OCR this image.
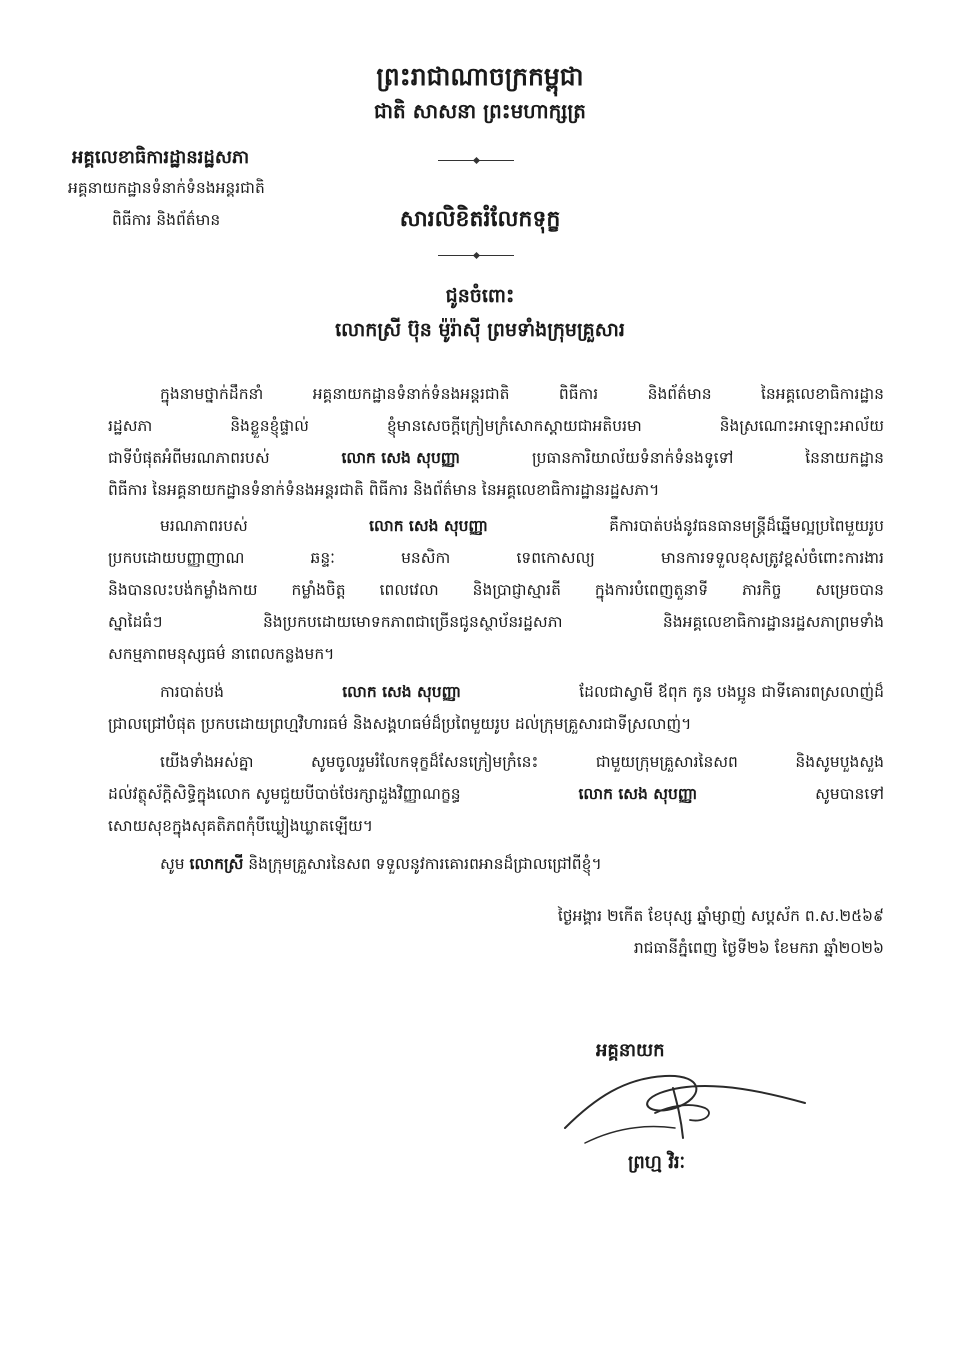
ព្រះរាជាណាចក្រកម្ពុជា
ជាតិ សាសនា ព្រះមហាក្សត្រ
អគ្គលេខាធិការដ្ឋានរដ្ឋសភា
អគ្គនាយកដ្ឋានទំនាក់ទំនងអន្តរជាតិ
ពិធីការ និងព័ត៌មាន	សារលិខិតរំលែកទុក្ខ
ជូនចំពោះ
លោកស្រី ប៊ុន ម៉ូរ៉ាស៊ី ព្រមទាំងក្រុមគ្រួសារ
ក្នុងនាមថ្នាក់ដឹកនាំ	អគ្គនាយកដ្ឋានទំនាក់ទំនងអន្តរជាតិ	ពិធីការ	និងព័ត៌មាន	នៃអគ្គលេខាធិការដ្ឋាន
រដ្ឋសភា	និងខ្លួនខ្ញុំផ្ទាល់	ខ្ញុំមានសេចក្តីក្រៀមក្រំសោកស្តាយជាអតិបរមា	និងស្រណោះអាឡោះអាល័យ
ជាទីបំផុតអំពីមរណភាពរបស់	លោក សេង សុបញ្ញា	ប្រធានការិយាល័យទំនាក់ទំនងទូទៅ	នៃនាយកដ្ឋាន
ពិធីការ នៃអគ្គនាយកដ្ឋានទំនាក់ទំនងអន្តរជាតិ ពិធីការ និងព័ត៌មាន នៃអគ្គលេខាធិការដ្ឋានរដ្ឋសភា។
មរណភាពរបស់	លោក សេង សុបញ្ញា	គឺការបាត់បង់នូវធនធានមន្ត្រីដ៏ឆ្នើមល្អប្រពៃមួយរូប
ប្រកបដោយបញ្ញាញាណ	ឆន្ទៈ	មនសិកា	ទេពកោសល្យ	មានការទទួលខុសត្រូវខ្ពស់ចំពោះការងារ
និងបានលះបង់កម្លាំងកាយ កម្លាំងចិត្ត ពេលវេលា និងប្រាជ្ញាស្មារតី ក្នុងការបំពេញតួនាទី ភារកិច្ច សម្រេចបាន
ស្នាដៃធំៗ	និងប្រកបដោយមោទកភាពជាច្រើនជូនស្ថាប័នរដ្ឋសភា	និងអគ្គលេខាធិការដ្ឋានរដ្ឋសភាព្រមទាំង
សកម្មភាពមនុស្សធម៌ នាពេលកន្លងមក។
ការបាត់បង់	លោក សេង សុបញ្ញា	ដែលជាស្វាមី ឪពុក កូន បងប្អូន ជាទីគោរពស្រលាញ់ដ៏
ជ្រាលជ្រៅបំផុត ប្រកបដោយព្រហ្មវិហារធម៌ និងសង្គហធម៌ដ៏ប្រពៃមួយរូប ដល់ក្រុមគ្រួសារជាទីស្រលាញ់។
យើងទាំងអស់គ្នា	សូមចូលរួមរំលែកទុក្ខដ៏សែនក្រៀមក្រំនេះ	ជាមួយក្រុមគ្រួសារនៃសព	និងសូមបួងសួង
ដល់វត្ថុស័ក្តិសិទ្ធិក្នុងលោក សូមជួយបីបាច់ថែរក្សាដួងវិញ្ញាណក្ខន្ធ	លោក សេង សុបញ្ញា	សូមបានទៅ
សោយសុខក្នុងសុគតិភពកុំបីឃ្លៀងឃ្លាតឡើយ។
សូម លោកស្រី និងក្រុមគ្រួសារនៃសព ទទួលនូវការគោរពអានដ៏ជ្រាលជ្រៅពីខ្ញុំ។
ថ្ងៃអង្គារ ២កើត ខែបុស្ស ឆ្នាំម្សាញ់ សប្តស័ក ព.ស.២៥៦៩
រាជធានីភ្នំពេញ ថ្ងៃទី២៦ ខែមករា ឆ្នាំ២០២៦
អគ្គនាយក
ព្រហ្ម វិរៈ
